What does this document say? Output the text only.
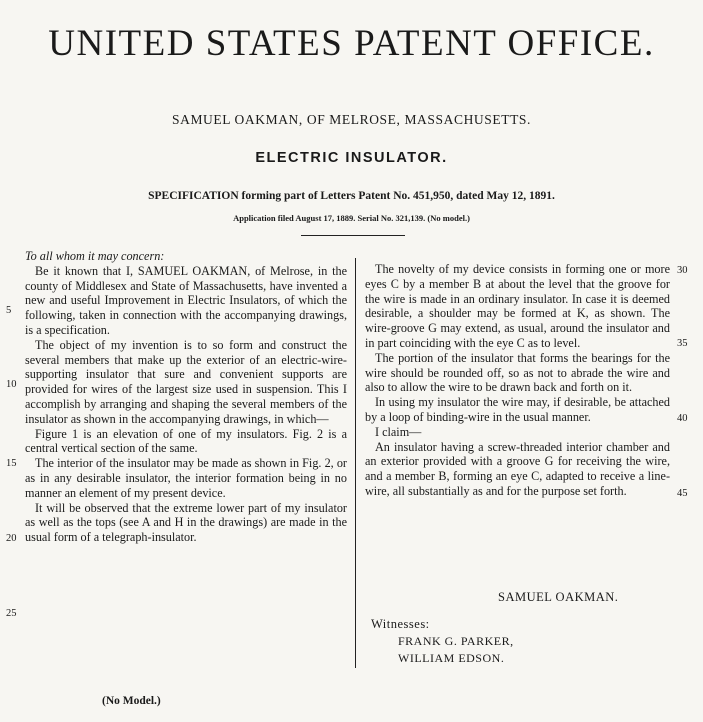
UNITED STATES PATENT OFFICE.
SAMUEL OAKMAN, OF MELROSE, MASSACHUSETTS.
ELECTRIC INSULATOR.
SPECIFICATION forming part of Letters Patent No. 451,950, dated May 12, 1891.
Application filed August 17, 1889. Serial No. 321,139. (No model.)

To all whom it may concern:

Be it known that I, SAMUEL OAKMAN, of Melrose, in the county of Middlesex and State of Massachusetts, have invented a new and useful Improvement in Electric Insulators, of which the following, taken in connection with the accompanying drawings, is a specification.

The object of my invention is to so form and construct the several members that make up the exterior of an electric-wire-supporting insulator that sure and convenient supports are provided for wires of the largest size used in suspension. This I accomplish by arranging and shaping the several members of the insulator as shown in the accompanying drawings, in which—

Figure 1 is an elevation of one of my insulators. Fig. 2 is a central vertical section of the same.

The interior of the insulator may be made as shown in Fig. 2, or as in any desirable insulator, the interior formation being in no manner an element of my present device.

It will be observed that the extreme lower part of my insulator as well as the tops (see A and H in the drawings) are made in the usual form of a telegraph-insulator.

The novelty of my device consists in forming one or more eyes C by a member B at about the level that the groove for the wire is made in an ordinary insulator. In case it is deemed desirable, a shoulder may be formed at K, as shown. The wire-groove G may extend, as usual, around the insulator and in part coinciding with the eye C as to level.

The portion of the insulator that forms the bearings for the wire should be rounded off, so as not to abrade the wire and also to allow the wire to be drawn back and forth on it.

In using my insulator the wire may, if desirable, be attached by a loop of binding-wire in the usual manner.

I claim—

An insulator having a screw-threaded interior chamber and an exterior provided with a groove G for receiving the wire, and a member B, forming an eye C, adapted to receive a line-wire, all substantially as and for the purpose set forth.

5
10
15
20
25
30
35
40
45
SAMUEL OAKMAN.
Witnesses:
FRANK G. PARKER,
WILLIAM EDSON.
(No Model.)
